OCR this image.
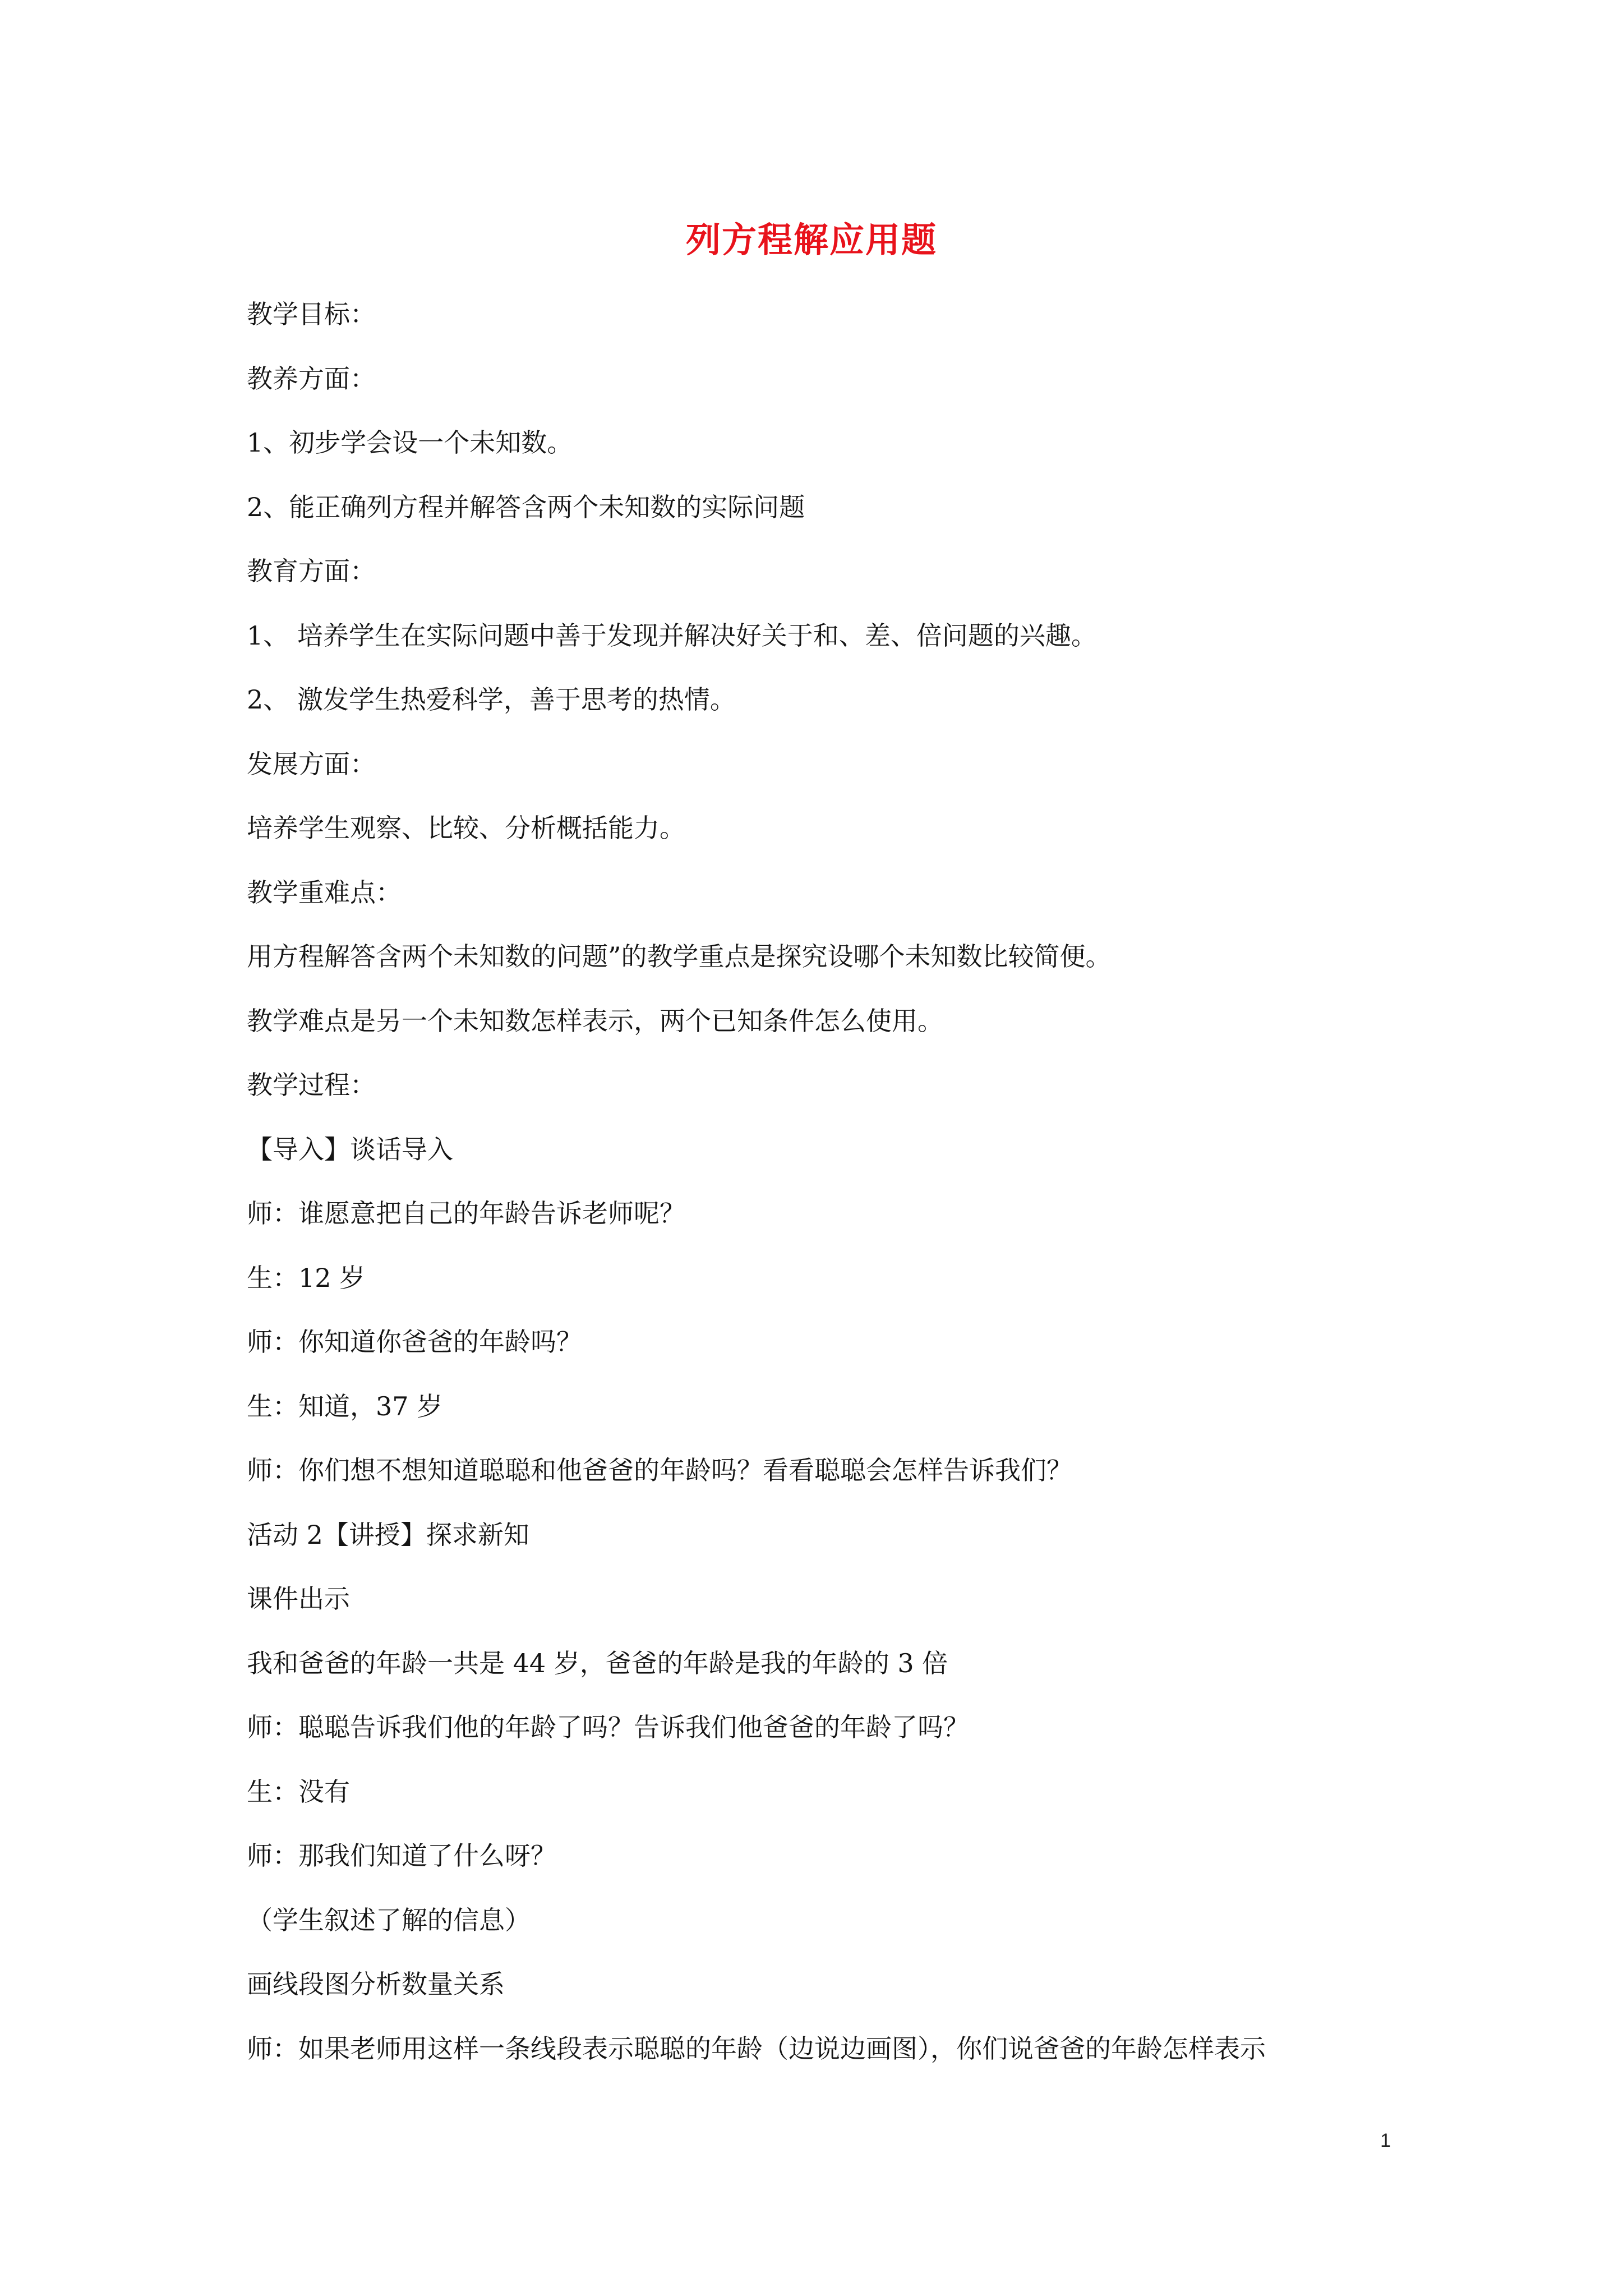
列方程解应用题
教学目标：
教养方面：
1、初步学会设一个未知数。
2、能正确列方程并解答含两个未知数的实际问题
教育方面：
1、 培养学生在实际问题中善于发现并解决好关于和、差、倍问题的兴趣。
2、 激发学生热爱科学，善于思考的热情。
发展方面：
培养学生观察、比较、分析概括能力。
教学重难点：
用方程解答含两个未知数的问题”的教学重点是探究设哪个未知数比较简便。
教学难点是另一个未知数怎样表示，两个已知条件怎么使用。
教学过程：
【导入】谈话导入
师：谁愿意把自己的年龄告诉老师呢？
生：12 岁
师：你知道你爸爸的年龄吗？
生：知道，37 岁
师：你们想不想知道聪聪和他爸爸的年龄吗？看看聪聪会怎样告诉我们？
活动 2【讲授】探求新知
课件出示
我和爸爸的年龄一共是 44 岁，爸爸的年龄是我的年龄的 3 倍
师：聪聪告诉我们他的年龄了吗？告诉我们他爸爸的年龄了吗？
生：没有
师：那我们知道了什么呀？
（学生叙述了解的信息）
画线段图分析数量关系
师：如果老师用这样一条线段表示聪聪的年龄（边说边画图），你们说爸爸的年龄怎样表示
1
